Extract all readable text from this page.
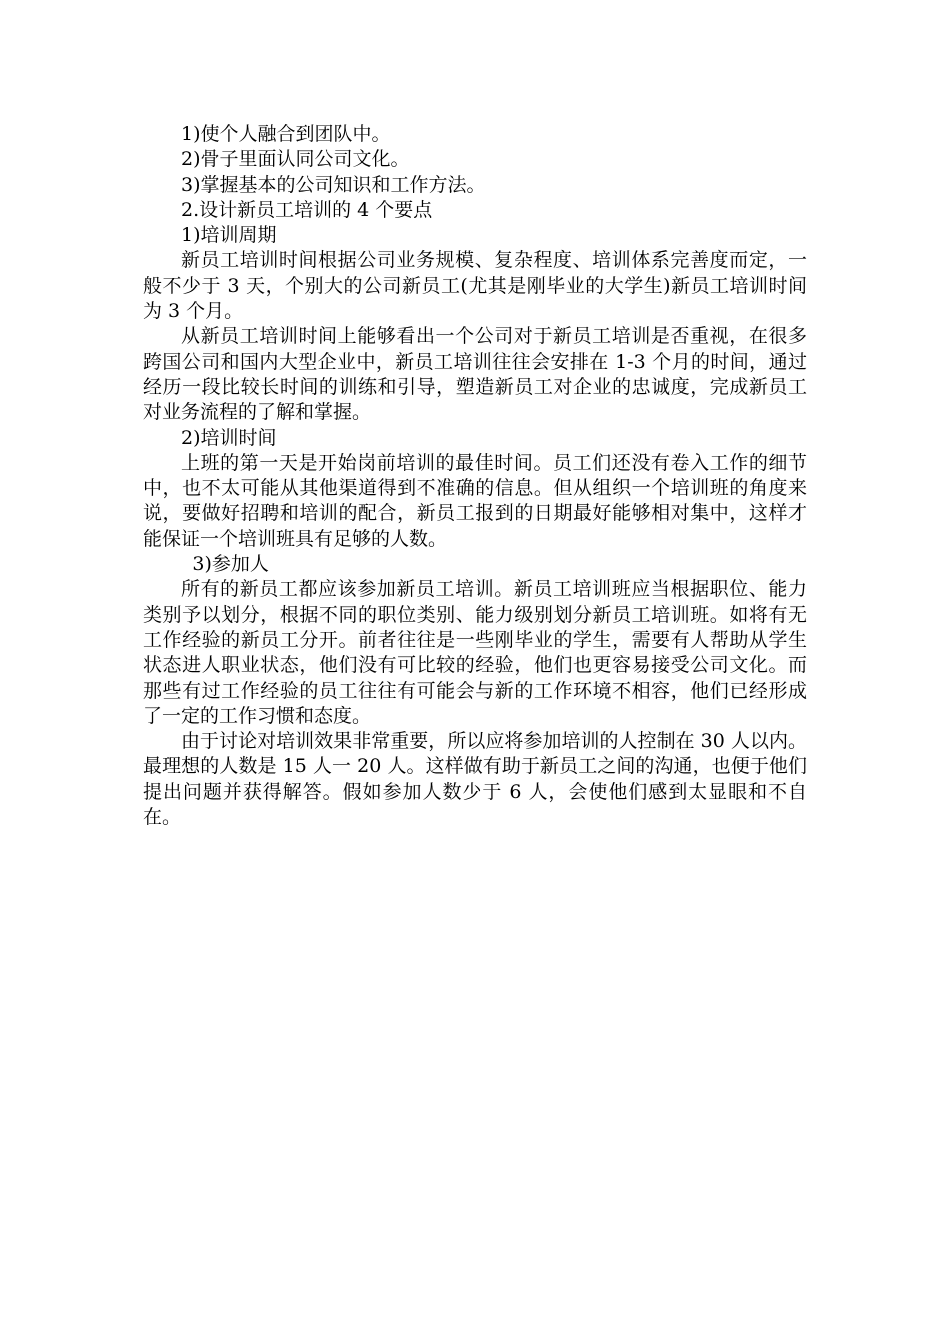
1)使个人融合到团队中。

2)骨子里面认同公司文化。

3)掌握基本的公司知识和工作方法。

2.设计新员工培训的 4 个要点

1)培训周期

新员工培训时间根据公司业务规模、复杂程度、培训体系完善度而定，一般不少于 3 天，个别大的公司新员工(尤其是刚毕业的大学生)新员工培训时间为 3 个月。

从新员工培训时间上能够看出一个公司对于新员工培训是否重视，在很多跨国公司和国内大型企业中，新员工培训往往会安排在 1-3 个月的时间，通过经历一段比较长时间的训练和引导，塑造新员工对企业的忠诚度，完成新员工对业务流程的了解和掌握。

2)培训时间

上班的第一天是开始岗前培训的最佳时间。员工们还没有卷入工作的细节中，也不太可能从其他渠道得到不准确的信息。但从组织一个培训班的角度来说，要做好招聘和培训的配合，新员工报到的日期最好能够相对集中，这样才能保证一个培训班具有足够的人数。

3)参加人

所有的新员工都应该参加新员工培训。新员工培训班应当根据职位、能力类别予以划分，根据不同的职位类别、能力级别划分新员工培训班。如将有无工作经验的新员工分开。前者往往是一些刚毕业的学生，需要有人帮助从学生状态进人职业状态，他们没有可比较的经验，他们也更容易接受公司文化。而那些有过工作经验的员工往往有可能会与新的工作环境不相容，他们已经形成了一定的工作习惯和态度。

由于讨论对培训效果非常重要，所以应将参加培训的人控制在 30 人以内。最理想的人数是 15 人一 20 人。这样做有助于新员工之间的沟通，也便于他们提出问题并获得解答。假如参加人数少于 6 人，会使他们感到太显眼和不自在。
